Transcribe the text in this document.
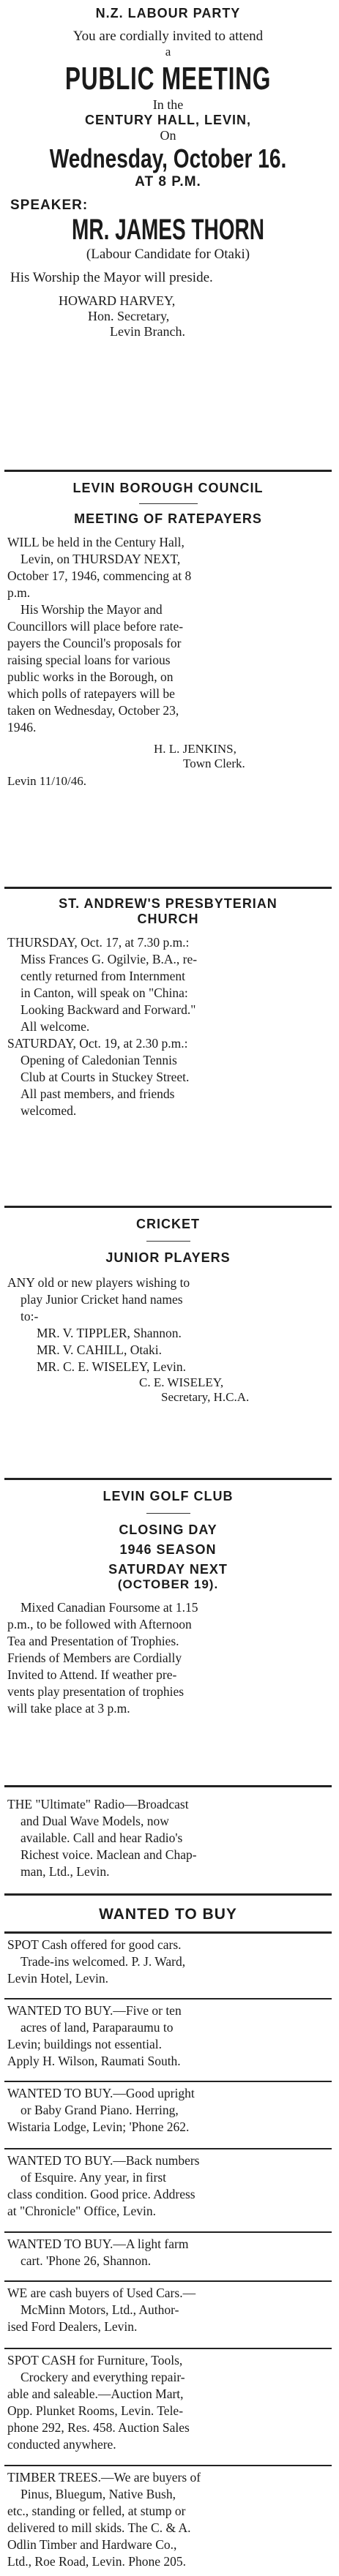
N.Z. LABOUR PARTY
You are cordially invited to attend
a
PUBLIC MEETING
In the
CENTURY HALL, LEVIN,
On
Wednesday, October 16.
AT 8 P.M.
SPEAKER:
MR. JAMES THORN
(Labour Candidate for Otaki)
His Worship the Mayor will preside.
HOWARD HARVEY,
Hon. Secretary,
Levin Branch.
LEVIN BOROUGH COUNCIL
MEETING OF RATEPAYERS
WILL be held in the Century Hall,
Levin, on THURSDAY NEXT,
October 17, 1946, commencing at 8
p.m.
His Worship the Mayor and
Councillors will place before rate-
payers the Council's proposals for
raising special loans for various
public works in the Borough, on
which polls of ratepayers will be
taken on Wednesday, October 23,
1946.
H. L. JENKINS,
Town Clerk.
Levin 11/10/46.
ST. ANDREW'S PRESBYTERIAN
CHURCH
THURSDAY, Oct. 17, at 7.30 p.m.:
Miss Frances G. Ogilvie, B.A., re-
cently returned from Internment
in Canton, will speak on "China:
Looking Backward and Forward."
All welcome.
SATURDAY, Oct. 19, at 2.30 p.m.:
Opening of Caledonian Tennis
Club at Courts in Stuckey Street.
All past members, and friends
welcomed.
CRICKET
JUNIOR PLAYERS
ANY old or new players wishing to
play Junior Cricket hand names
to:-
MR. V. TIPPLER, Shannon.
MR. V. CAHILL, Otaki.
MR. C. E. WISELEY, Levin.
C. E. WISELEY,
Secretary, H.C.A.
LEVIN GOLF CLUB
CLOSING DAY
1946 SEASON
SATURDAY NEXT
(OCTOBER 19).
Mixed Canadian Foursome at 1.15
p.m., to be followed with Afternoon
Tea and Presentation of Trophies.
Friends of Members are Cordially
Invited to Attend. If weather pre-
vents play presentation of trophies
will take place at 3 p.m.
THE "Ultimate" Radio—Broadcast
and Dual Wave Models, now
available. Call and hear Radio's
Richest voice. Maclean and Chap-
man, Ltd., Levin.
WANTED TO BUY
SPOT Cash offered for good cars.
Trade-ins welcomed. P. J. Ward,
Levin Hotel, Levin.
WANTED TO BUY.—Five or ten
acres of land, Paraparaumu to
Levin; buildings not essential.
Apply H. Wilson, Raumati South.
WANTED TO BUY.—Good upright
or Baby Grand Piano. Herring,
Wistaria Lodge, Levin; 'Phone 262.
WANTED TO BUY.—Back numbers
of Esquire. Any year, in first
class condition. Good price. Address
at "Chronicle" Office, Levin.
WANTED TO BUY.—A light farm
cart. 'Phone 26, Shannon.
WE are cash buyers of Used Cars.—
McMinn Motors, Ltd., Author-
ised Ford Dealers, Levin.
SPOT CASH for Furniture, Tools,
Crockery and everything repair-
able and saleable.—Auction Mart,
Opp. Plunket Rooms, Levin. Tele-
phone 292, Res. 458. Auction Sales
conducted anywhere.
TIMBER TREES.—We are buyers of
Pinus, Bluegum, Native Bush,
etc., standing or felled, at stump or
delivered to mill skids. The C. & A.
Odlin Timber and Hardware Co.,
Ltd., Roe Road, Levin. Phone 205.
